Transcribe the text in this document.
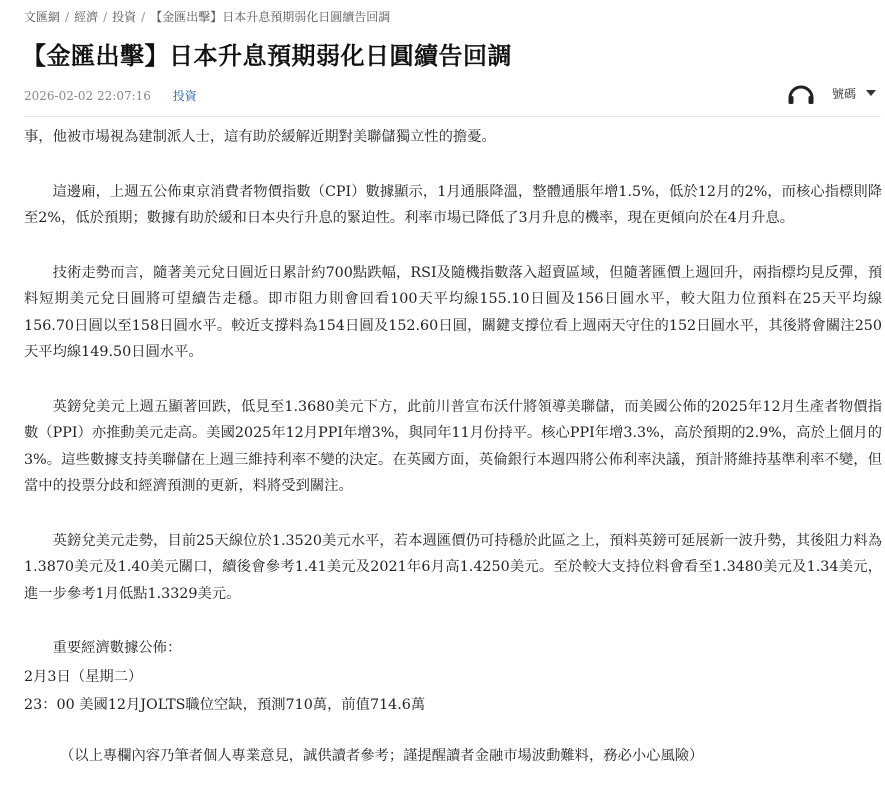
文匯網 / 經濟 / 投資 / 【金匯出擊】日本升息預期弱化日圓續告回調
【金匯出擊】日本升息預期弱化日圓續告回調
2026-02-02 22:07:16 投資	號碼

事，他被市場視為建制派人士，這有助於緩解近期對美聯儲獨立性的擔憂。

這邊廂，上週五公佈東京消費者物價指數（CPI）數據顯示，1月通脹降溫，整體通脹年增1.5%，低於12月的2%，而核心指標則降至2%，低於預期；數據有助於緩和日本央行升息的緊迫性。利率市場已降低了3月升息的機率，現在更傾向於在4月升息。

技術走勢而言，隨著美元兌日圓近日累計約700點跌幅，RSI及隨機指數落入超賣區域，但隨著匯價上週回升，兩指標均見反彈，預料短期美元兌日圓將可望續告走穩。即市阻力則會回看100天平均線155.10日圓及156日圓水平，較大阻力位預料在25天平均線156.70日圓以至158日圓水平。較近支撐料為154日圓及152.60日圓，關鍵支撐位看上週兩天守住的152日圓水平，其後將會關注250天平均線149.50日圓水平。

英鎊兌美元上週五顯著回跌，低見至1.3680美元下方，此前川普宣布沃什將領導美聯儲，而美國公佈的2025年12月生產者物價指數（PPI）亦推動美元走高。美國2025年12月PPI年增3%，與同年11月份持平。核心PPI年增3.3%，高於預期的2.9%，高於上個月的3%。這些數據支持美聯儲在上週三維持利率不變的決定。在英國方面，英倫銀行本週四將公佈利率決議，預計將維持基準利率不變，但當中的投票分歧和經濟預測的更新，料將受到關注。

英鎊兌美元走勢，目前25天線位於1.3520美元水平，若本週匯價仍可持穩於此區之上，預料英鎊可延展新一波升勢，其後阻力料為1.3870美元及1.40美元關口，續後會參考1.41美元及2021年6月高1.4250美元。至於較大支持位料會看至1.3480美元及1.34美元，進一步參考1月低點1.3329美元。

重要經濟數據公佈：

2月3日（星期二）

23：00 美國12月JOLTS職位空缺，預測710萬，前值714.6萬

（以上專欄內容乃筆者個人專業意見，誠供讀者參考；謹提醒讀者金融市場波動難料，務必小心風險）
